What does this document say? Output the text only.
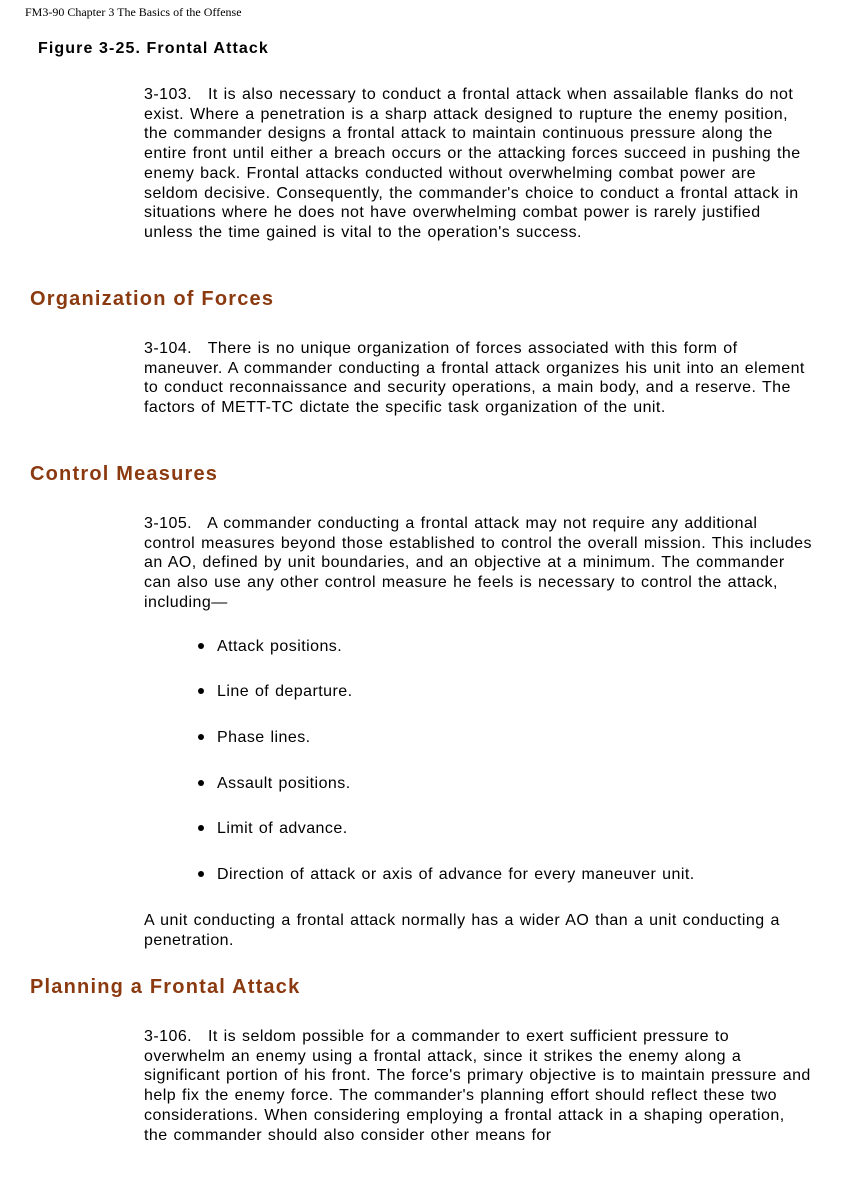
FM3-90 Chapter 3 The Basics of the Offense
Figure 3-25. Frontal Attack

3-103. It is also necessary to conduct a frontal attack when assailable flanks do not exist. Where a penetration is a sharp attack designed to rupture the enemy position, the commander designs a frontal attack to maintain continuous pressure along the entire front until either a breach occurs or the attacking forces succeed in pushing the enemy back. Frontal attacks conducted without overwhelming combat power are seldom decisive. Consequently, the commander's choice to conduct a frontal attack in situations where he does not have overwhelming combat power is rarely justified unless the time gained is vital to the operation's success.

Organization of Forces

3-104. There is no unique organization of forces associated with this form of maneuver. A commander conducting a frontal attack organizes his unit into an element to conduct reconnaissance and security operations, a main body, and a reserve. The factors of METT-TC dictate the specific task organization of the unit.

Control Measures

3-105. A commander conducting a frontal attack may not require any additional control measures beyond those established to control the overall mission. This includes an AO, defined by unit boundaries, and an objective at a minimum. The commander can also use any other control measure he feels is necessary to control the attack, including—

Attack positions.
Line of departure.
Phase lines.
Assault positions.
Limit of advance.
Direction of attack or axis of advance for every maneuver unit.

A unit conducting a frontal attack normally has a wider AO than a unit conducting a penetration.

Planning a Frontal Attack

3-106. It is seldom possible for a commander to exert sufficient pressure to overwhelm an enemy using a frontal attack, since it strikes the enemy along a significant portion of his front. The force's primary objective is to maintain pressure and help fix the enemy force. The commander's planning effort should reflect these two considerations. When considering employing a frontal attack in a shaping operation, the commander should also consider other means for
